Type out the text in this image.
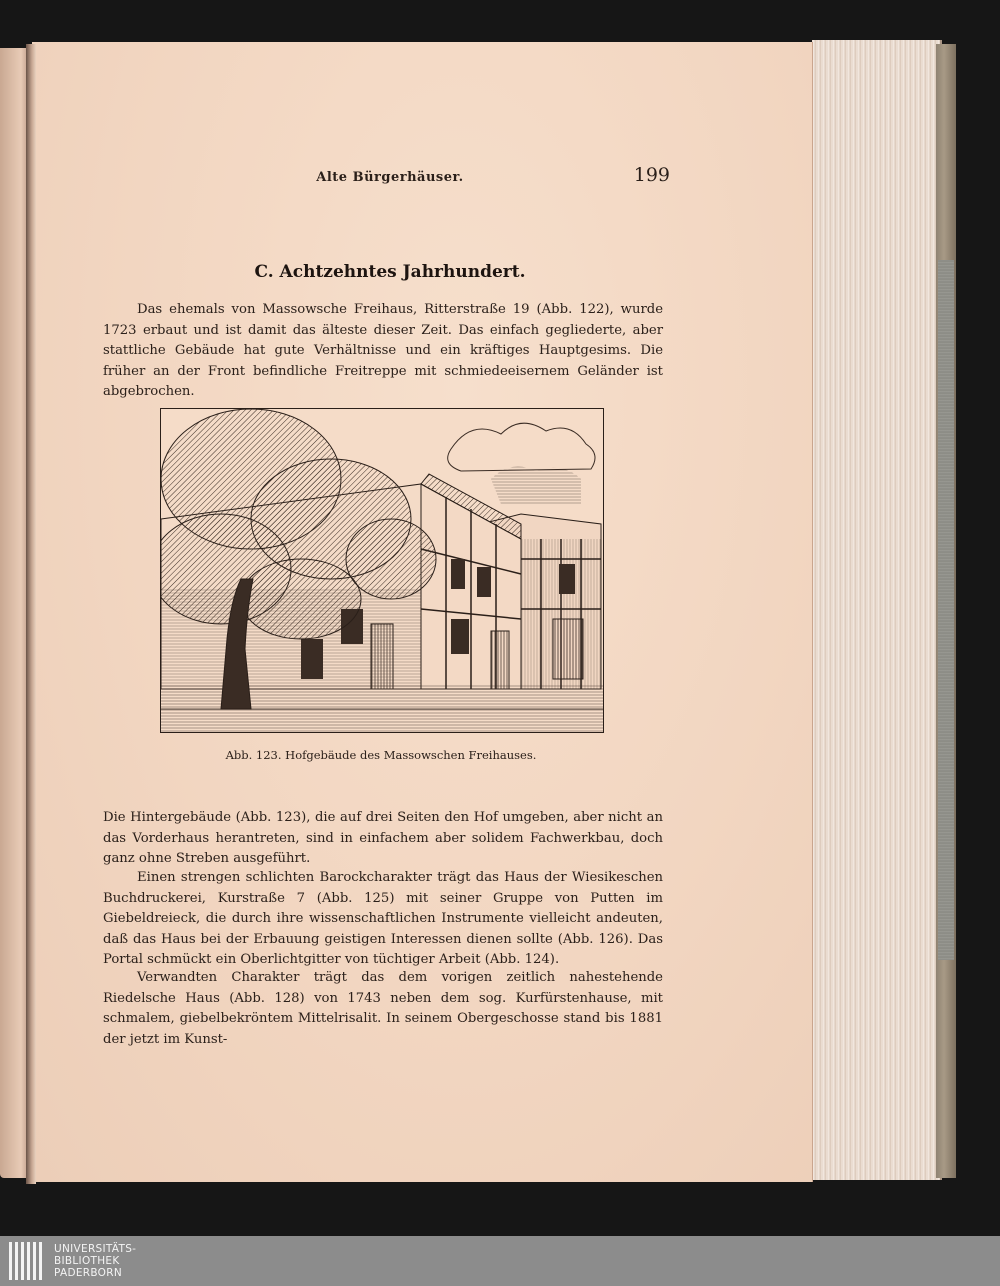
Alte Bürgerhäuser.	199
C. Achtzehntes Jahrhundert.
Das ehemals von Massowsche Freihaus, Ritterstraße 19 (Abb. 122), wurde 1723 erbaut und ist damit das älteste dieser Zeit. Das einfach gegliederte, aber stattliche Gebäude hat gute Verhältnisse und ein kräftiges Hauptgesims. Die früher an der Front befindliche Freitreppe mit schmiedeeisernem Geländer ist abgebrochen.
Abb. 123. Hofgebäude des Massowschen Freihauses.
Die Hintergebäude (Abb. 123), die auf drei Seiten den Hof umgeben, aber nicht an das Vorderhaus herantreten, sind in einfachem aber solidem Fachwerkbau, doch ganz ohne Streben ausgeführt.
Einen strengen schlichten Barockcharakter trägt das Haus der Wiesikeschen Buchdruckerei, Kurstraße 7 (Abb. 125) mit seiner Gruppe von Putten im Giebeldreieck, die durch ihre wissenschaftlichen Instrumente vielleicht andeuten, daß das Haus bei der Erbauung geistigen Interessen dienen sollte (Abb. 126). Das Portal schmückt ein Oberlichtgitter von tüchtiger Arbeit (Abb. 124).
Verwandten Charakter trägt das dem vorigen zeitlich nahestehende Riedelsche Haus (Abb. 128) von 1743 neben dem sog. Kurfürstenhause, mit schmalem, giebelbekröntem Mittelrisalit. In seinem Obergeschosse stand bis 1881 der jetzt im Kunst-
UNIVERSITÄTS-
BIBLIOTHEK
PADERBORN
